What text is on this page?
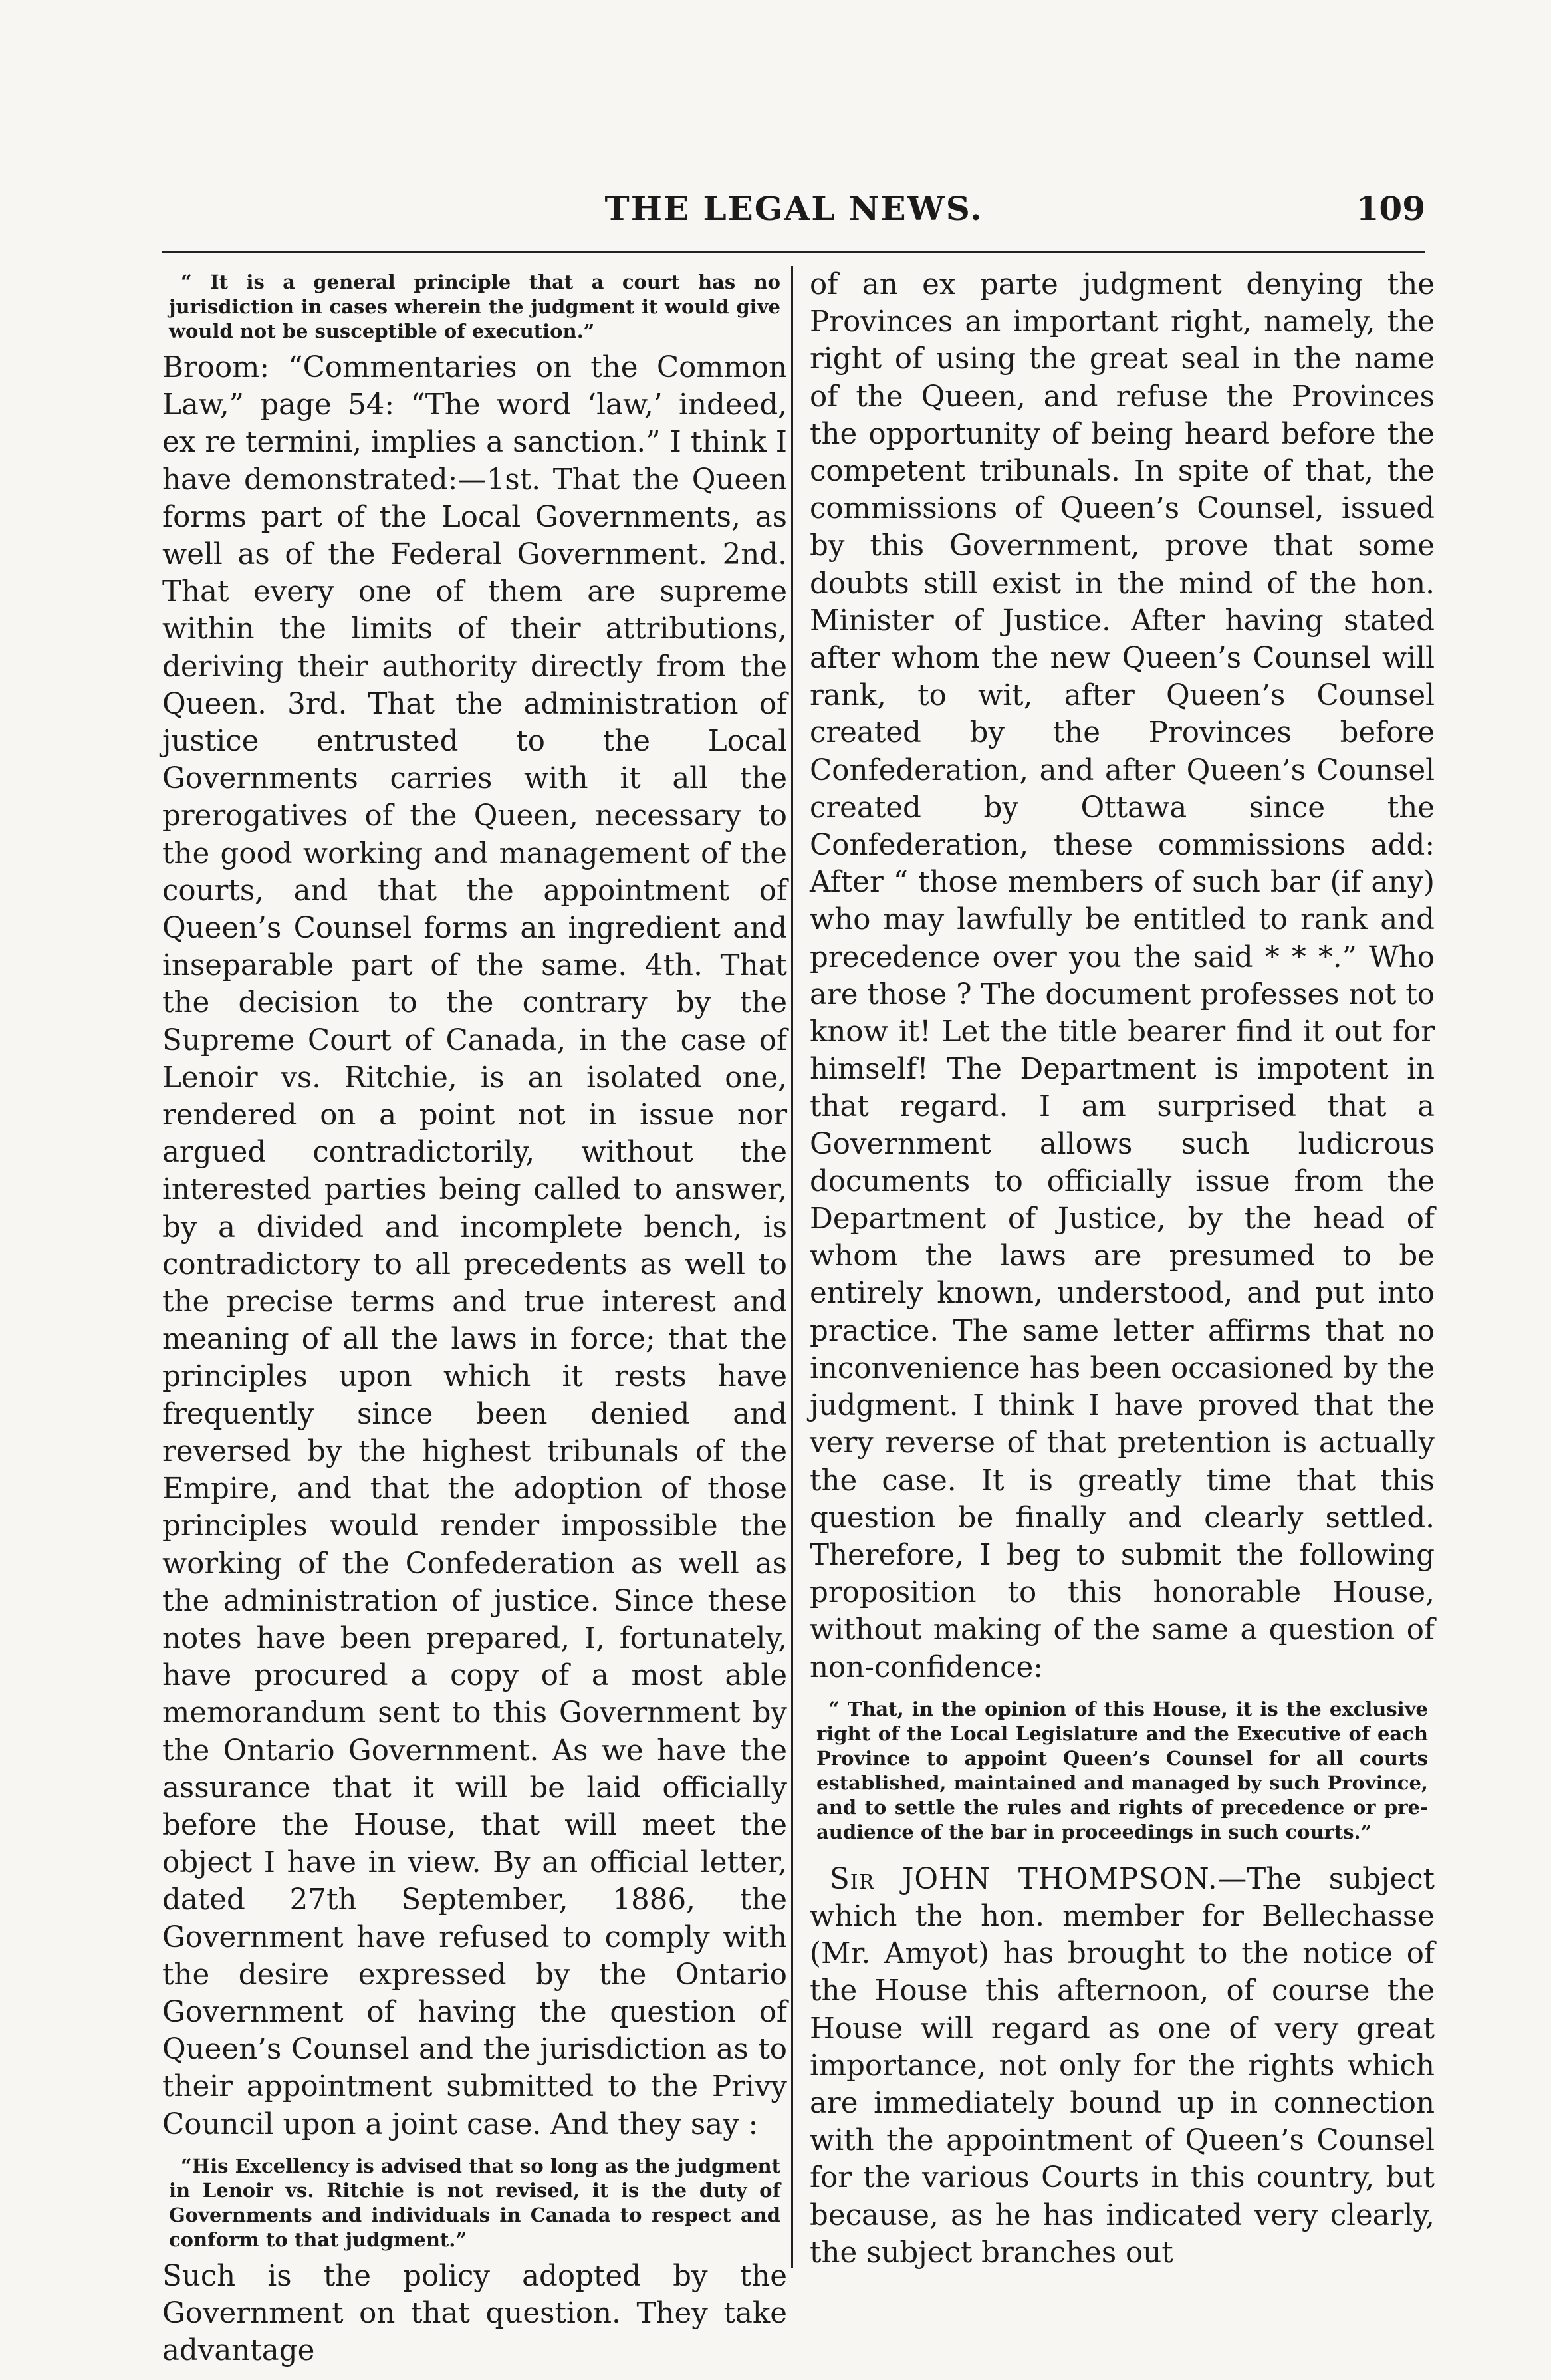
THE LEGAL NEWS.	109

“ It is a general principle that a court has no jurisdiction in cases wherein the judgment it would give would not be susceptible of execution.”

Broom: “Commentaries on the Common Law,” page 54: “The word ‘law,’ indeed, ex re termini, implies a sanction.” I think I have demonstrated:—1st. That the Queen forms part of the Local Governments, as well as of the Federal Government. 2nd. That every one of them are supreme within the limits of their attributions, deriving their authority directly from the Queen. 3rd. That the administration of justice entrusted to the Local Governments carries with it all the prerogatives of the Queen, necessary to the good working and management of the courts, and that the appointment of Queen’s Counsel forms an ingredient and inseparable part of the same. 4th. That the decision to the contrary by the Supreme Court of Canada, in the case of Lenoir vs. Ritchie, is an isolated one, rendered on a point not in issue nor argued contradictorily, without the interested parties being called to answer, by a divided and incomplete bench, is contradictory to all precedents as well to the precise terms and true interest and meaning of all the laws in force; that the principles upon which it rests have frequently since been denied and reversed by the highest tribunals of the Empire, and that the adoption of those principles would render impossible the working of the Confederation as well as the administration of justice. Since these notes have been prepared, I, fortunately, have procured a copy of a most able memorandum sent to this Government by the Ontario Government. As we have the assurance that it will be laid officially before the House, that will meet the object I have in view. By an official letter, dated 27th September, 1886, the Government have refused to comply with the desire expressed by the Ontario Government of having the question of Queen’s Counsel and the jurisdiction as to their appointment submitted to the Privy Council upon a joint case. And they say :

“His Excellency is advised that so long as the judgment in Lenoir vs. Ritchie is not revised, it is the duty of Governments and individuals in Canada to respect and conform to that judgment.”

Such is the policy adopted by the Government on that question. They take advantage

of an ex parte judgment denying the Provinces an important right, namely, the right of using the great seal in the name of the Queen, and refuse the Provinces the opportunity of being heard before the competent tribunals. In spite of that, the commissions of Queen’s Counsel, issued by this Government, prove that some doubts still exist in the mind of the hon. Minister of Justice. After having stated after whom the new Queen’s Counsel will rank, to wit, after Queen’s Counsel created by the Provinces before Confederation, and after Queen’s Counsel created by Ottawa since the Confederation, these commissions add: After “ those members of such bar (if any) who may lawfully be entitled to rank and precedence over you the said * * *.” Who are those ? The document professes not to know it! Let the title bearer find it out for himself! The Department is impotent in that regard. I am surprised that a Government allows such ludicrous documents to officially issue from the Department of Justice, by the head of whom the laws are presumed to be entirely known, understood, and put into practice. The same letter affirms that no inconvenience has been occasioned by the judgment. I think I have proved that the very reverse of that pretention is actually the case. It is greatly time that this question be finally and clearly settled. Therefore, I beg to submit the following proposition to this honorable House, without making of the same a question of non-confidence:

“ That, in the opinion of this House, it is the exclusive right of the Local Legislature and the Executive of each Province to appoint Queen’s Counsel for all courts established, maintained and managed by such Province, and to settle the rules and rights of precedence or pre-audience of the bar in proceedings in such courts.”

Sir JOHN THOMPSON.—The subject which the hon. member for Bellechasse (Mr. Amyot) has brought to the notice of the House this afternoon, of course the House will regard as one of very great importance, not only for the rights which are immediately bound up in connection with the appointment of Queen’s Counsel for the various Courts in this country, but because, as he has indicated very clearly, the subject branches out
